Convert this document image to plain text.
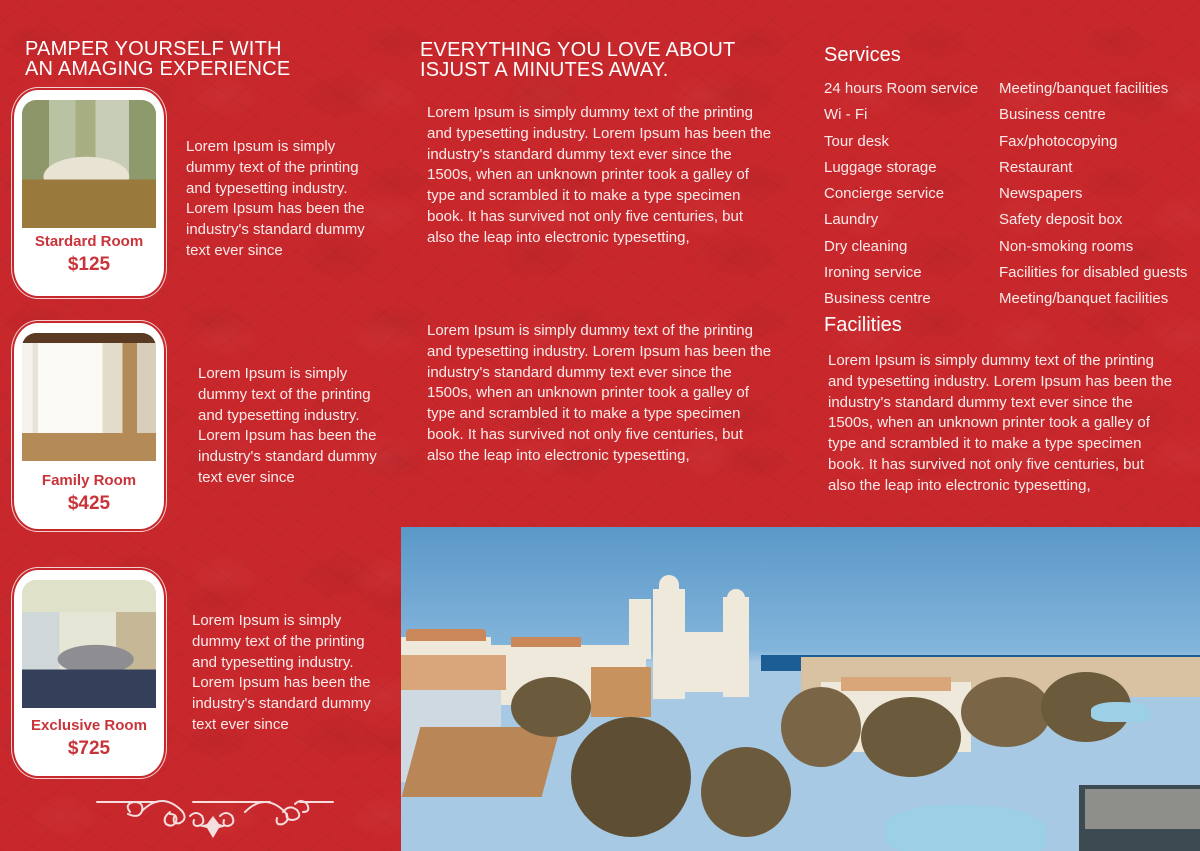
PAMPER YOURSELF WITH
AN AMAGING EXPERIENCE
Stardard Room
$125
Lorem Ipsum is simply
dummy text of the printing
and typesetting industry.
Lorem Ipsum has been the
industry's standard dummy
text ever since
Family Room
$425
Lorem Ipsum is simply
dummy text of the printing
and typesetting industry.
Lorem Ipsum has been the
industry's standard dummy
text ever since
Exclusive Room
$725
Lorem Ipsum is simply
dummy text of the printing
and typesetting industry.
Lorem Ipsum has been the
industry's standard dummy
text ever since
EVERYTHING YOU LOVE ABOUT
ISJUST A MINUTES AWAY.
Lorem Ipsum is simply dummy text of the printing
and typesetting industry. Lorem Ipsum has been the
industry's standard dummy text ever since the
1500s, when an unknown printer took a galley of
type and scrambled it to make a type specimen
book. It has survived not only five centuries, but
also the leap into electronic typesetting,
Lorem Ipsum is simply dummy text of the printing
and typesetting industry. Lorem Ipsum has been the
industry's standard dummy text ever since the
1500s, when an unknown printer took a galley of
type and scrambled it to make a type specimen
book. It has survived not only five centuries, but
also the leap into electronic typesetting,
Services
24 hours Room service
Wi - Fi
Tour desk
Luggage storage
Concierge service
Laundry
Dry cleaning
Ironing service
Business centre
Meeting/banquet facilities
Business centre
Fax/photocopying
Restaurant
Newspapers
Safety deposit box
Non-smoking rooms
Facilities for disabled guests
Meeting/banquet facilities
Facilities
Lorem Ipsum is simply dummy text of the printing
and typesetting industry. Lorem Ipsum has been the
industry's standard dummy text ever since the
1500s, when an unknown printer took a galley of
type and scrambled it to make a type specimen
book. It has survived not only five centuries, but
also the leap into electronic typesetting,
